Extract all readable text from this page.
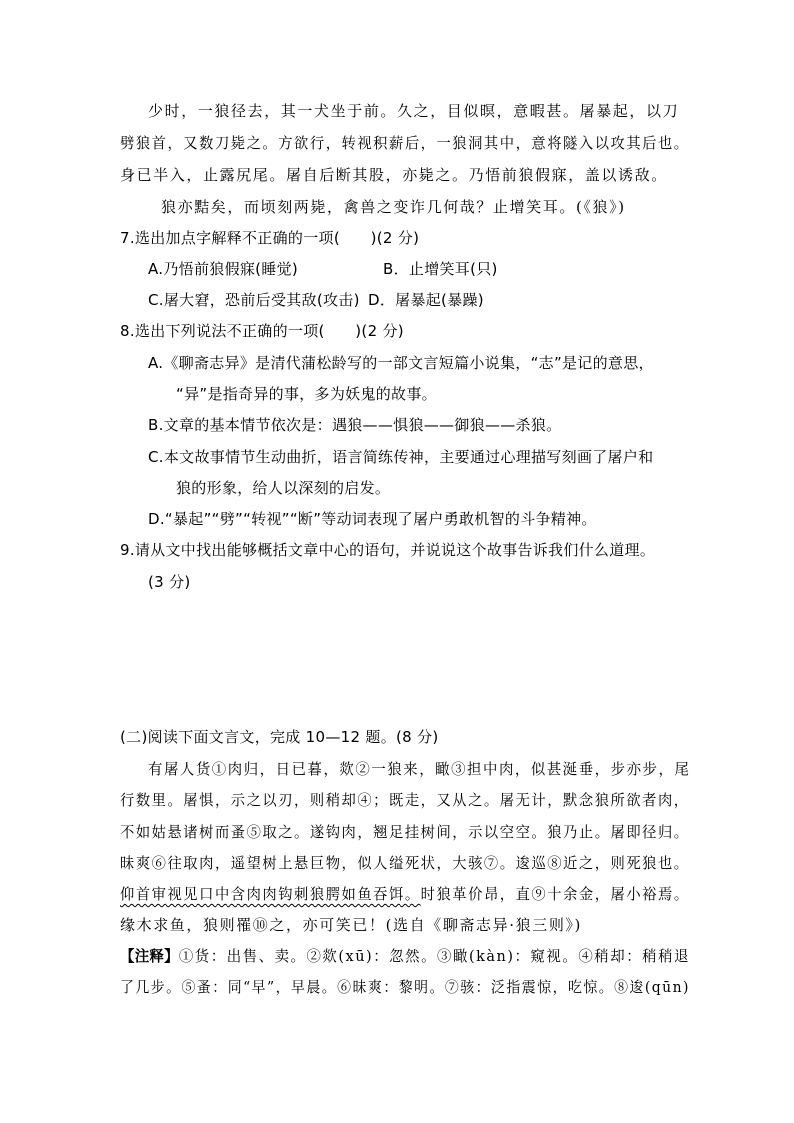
少时，一狼径去，其一犬坐于前。久之，目似暝，意暇甚。屠暴起，以刀
劈狼首，又数刀毙之。方欲行，转视积薪后，一狼洞其中，意将隧入以攻其后也。
身已半入，止露尻尾。屠自后断其股，亦毙之。乃悟前狼假寐，盖以诱敌。
狼亦黠矣，而顷刻两毙，禽兽之变诈几何哉？止增笑耳。(《狼》)
7.选出加点字解释不正确的一项(　　)(2 分)
A.乃悟前狼假寐(睡觉)	B．止增笑耳(只)
C.屠大窘，恐前后受其敌(攻击) D．屠暴起(暴躁)
8.选出下列说法不正确的一项(　　)(2 分)
A.《聊斋志异》是清代蒲松龄写的一部文言短篇小说集，“志”是记的意思，
“异”是指奇异的事，多为妖鬼的故事。
B.文章的基本情节依次是：遇狼——惧狼——御狼——杀狼。
C.本文故事情节生动曲折，语言简练传神，主要通过心理描写刻画了屠户和
狼的形象，给人以深刻的启发。
D.“暴起”“劈”“转视”“断”等动词表现了屠户勇敢机智的斗争精神。
9.请从文中找出能够概括文章中心的语句，并说说这个故事告诉我们什么道理。
(3 分)
(二)阅读下面文言文，完成 10—12 题。(8 分)
有屠人货①肉归，日已暮，欻②一狼来，瞰③担中肉，似甚涎垂，步亦步，尾
行数里。屠惧，示之以刃，则稍却④；既走，又从之。屠无计，默念狼所欲者肉，
不如姑悬诸树而蚤⑤取之。遂钩肉，翘足挂树间，示以空空。狼乃止。屠即径归。
昧爽⑥往取肉，遥望树上悬巨物，似人缢死状，大骇⑦。逡巡⑧近之，则死狼也。
仰首审视见口中含肉肉钩刺狼腭如鱼吞饵。时狼革价昂，直⑨十余金，屠小裕焉。
缘木求鱼，狼则罹⑩之，亦可笑已！(选自《聊斋志异·狼三则》)
【注释】①货：出售、卖。②欻(xū)：忽然。③瞰(kàn)：窥视。④稍却：稍稍退
了几步。⑤蚤：同“早”，早晨。⑥昧爽：黎明。⑦骇：泛指震惊，吃惊。⑧逡(qūn)
